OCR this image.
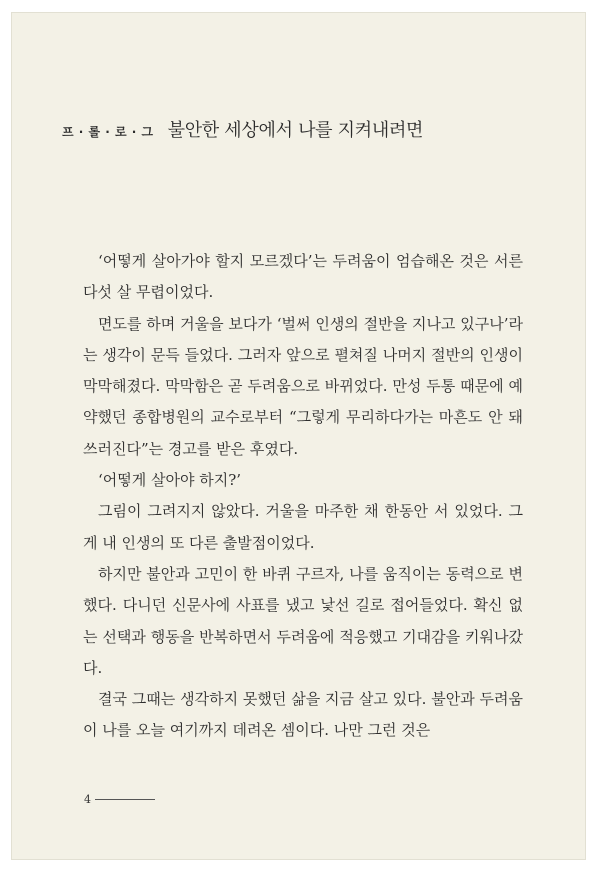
프 · 롤 · 로 · 그 불안한 세상에서 나를 지켜내려면

‘어떻게 살아가야 할지 모르겠다’는 두려움이 엄습해온 것은 서른다섯 살 무렵이었다.

면도를 하며 거울을 보다가 ‘벌써 인생의 절반을 지나고 있구나’라는 생각이 문득 들었다. 그러자 앞으로 펼쳐질 나머지 절반의 인생이 막막해졌다. 막막함은 곧 두려움으로 바뀌었다. 만성 두통 때문에 예약했던 종합병원의 교수로부터 “그렇게 무리하다가는 마흔도 안 돼 쓰러진다”는 경고를 받은 후였다.

‘어떻게 살아야 하지?’

그림이 그려지지 않았다. 거울을 마주한 채 한동안 서 있었다. 그게 내 인생의 또 다른 출발점이었다.

하지만 불안과 고민이 한 바퀴 구르자, 나를 움직이는 동력으로 변했다. 다니던 신문사에 사표를 냈고 낯선 길로 접어들었다. 확신 없는 선택과 행동을 반복하면서 두려움에 적응했고 기대감을 키워나갔다.

결국 그때는 생각하지 못했던 삶을 지금 살고 있다. 불안과 두려움이 나를 오늘 여기까지 데려온 셈이다. 나만 그런 것은

4
